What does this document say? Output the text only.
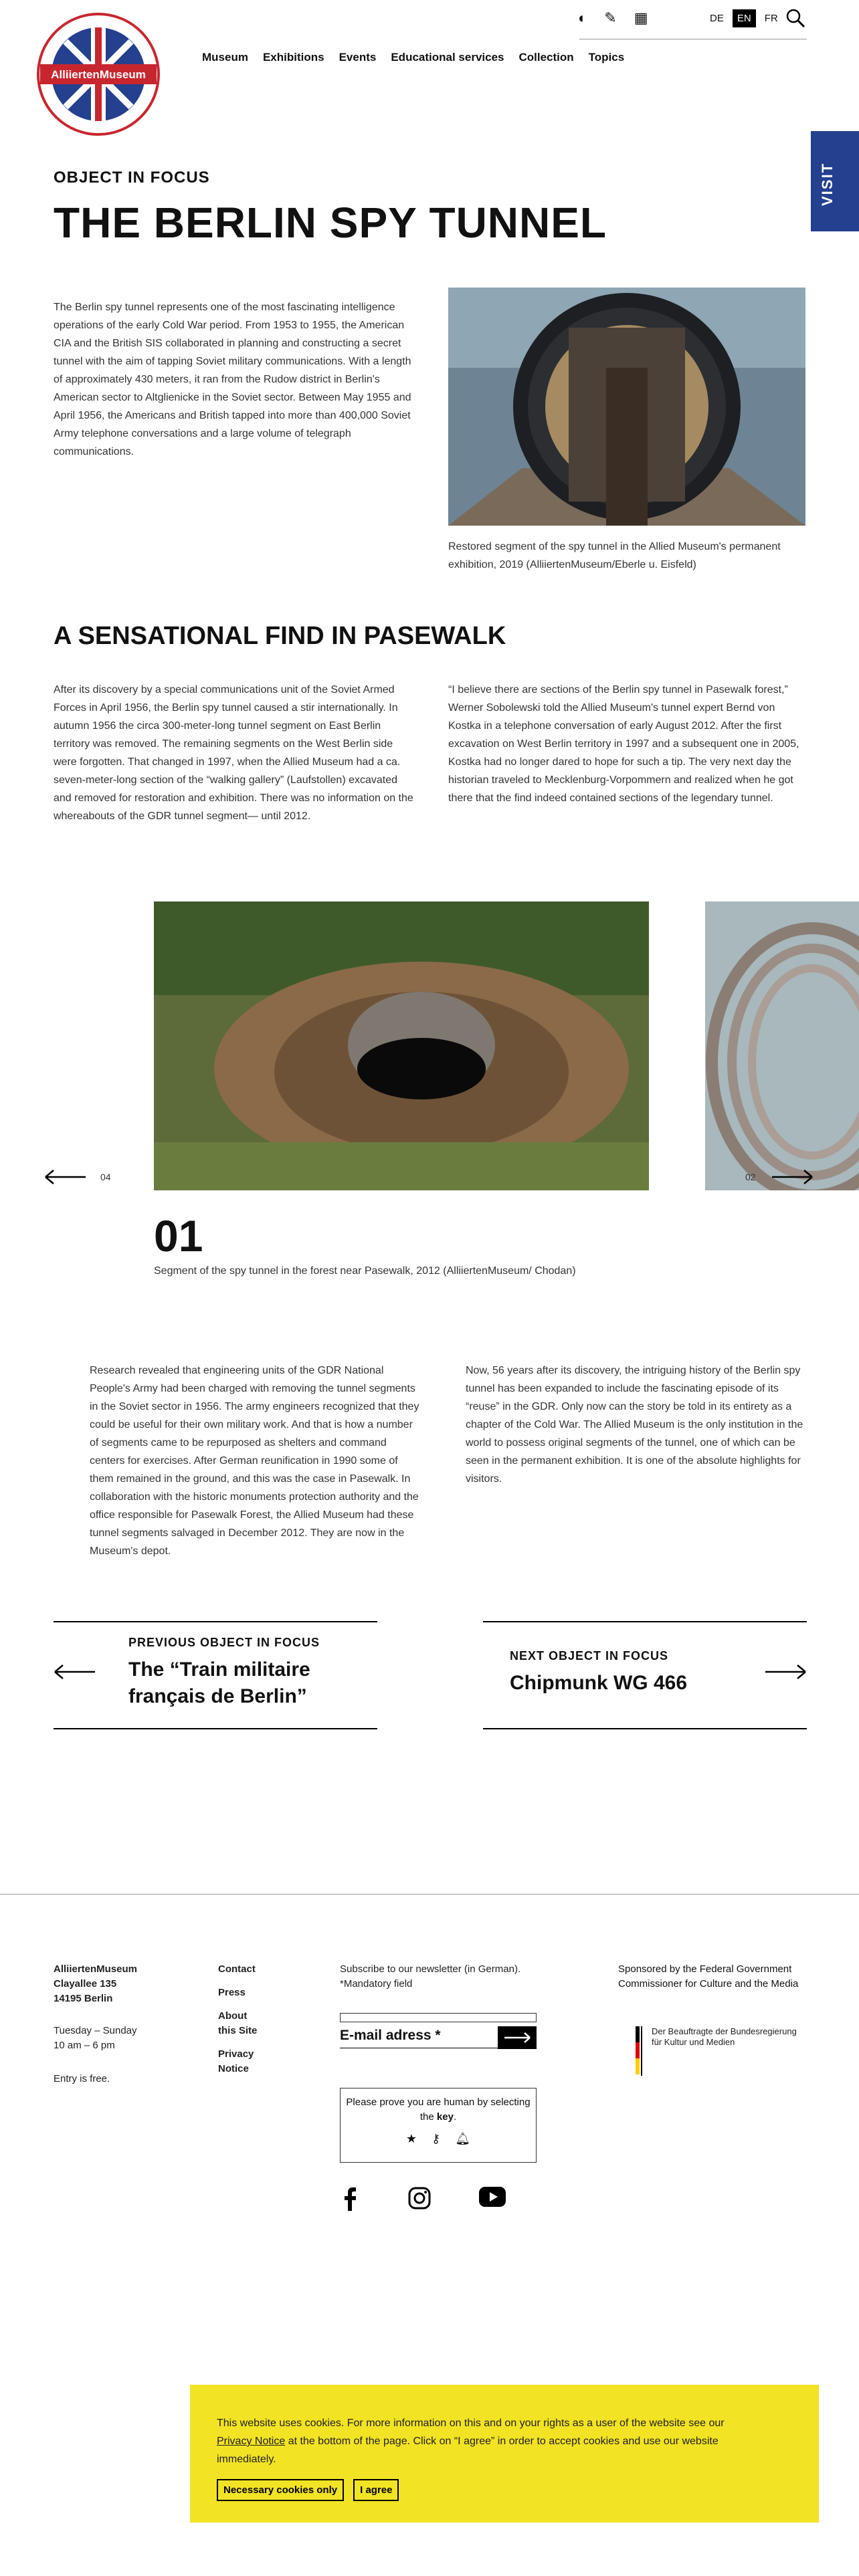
AlliiertenMuseum
◐ ✎ ▦	DE	EN	FR
Museum Exhibitions Events Educational services Collection Topics
VISIT
OBJECT IN FOCUS
THE BERLIN SPY TUNNEL

The Berlin spy tunnel represents one of the most fascinating intelligence operations of the early Cold War period. From 1953 to 1955, the American CIA and the British SIS collaborated in planning and constructing a secret tunnel with the aim of tapping Soviet military communications. With a length of approximately 430 meters, it ran from the Rudow district in Berlin's American sector to Altglienicke in the Soviet sector. Between May 1955 and April 1956, the Americans and British tapped into more than 400,000 Soviet Army telephone conversations and a large volume of telegraph communications.

Restored segment of the spy tunnel in the Allied Museum's permanent exhibition, 2019 (AlliiertenMuseum/Eberle u. Eisfeld)

A SENSATIONAL FIND IN PASEWALK

After its discovery by a special communications unit of the Soviet Armed Forces in April 1956, the Berlin spy tunnel caused a stir internationally. In autumn 1956 the circa 300-meter-long tunnel segment on East Berlin territory was removed. The remaining segments on the West Berlin side were forgotten. That changed in 1997, when the Allied Museum had a ca. seven-meter-long section of the “walking gallery” (Laufstollen) excavated and removed for restoration and exhibition. There was no information on the whereabouts of the GDR tunnel segment— until 2012.

“I believe there are sections of the Berlin spy tunnel in Pasewalk forest,” Werner Sobolewski told the Allied Museum's tunnel expert Bernd von Kostka in a telephone conversation of early August 2012. After the first excavation on West Berlin territory in 1997 and a subsequent one in 2005, Kostka had no longer dared to hope for such a tip. The very next day the historian traveled to Mecklenburg-Vorpommern and realized when he got there that the find indeed contained sections of the legendary tunnel.

04	02
01
Segment of the spy tunnel in the forest near Pasewalk, 2012 (AlliiertenMuseum/ Chodan)

Research revealed that engineering units of the GDR National People's Army had been charged with removing the tunnel segments in the Soviet sector in 1956. The army engineers recognized that they could be useful for their own military work. And that is how a number of segments came to be repurposed as shelters and command centers for exercises. After German reunification in 1990 some of them remained in the ground, and this was the case in Pasewalk. In collaboration with the historic monuments protection authority and the office responsible for Pasewalk Forest, the Allied Museum had these tunnel segments salvaged in December 2012. They are now in the Museum's depot.

Now, 56 years after its discovery, the intriguing history of the Berlin spy tunnel has been expanded to include the fascinating episode of its “reuse” in the GDR. Only now can the story be told in its entirety as a chapter of the Cold War. The Allied Museum is the only institution in the world to possess original segments of the tunnel, one of which can be seen in the permanent exhibition. It is one of the absolute highlights for visitors.

PREVIOUS OBJECT IN FOCUS
The “Train militaire français de Berlin”
NEXT OBJECT IN FOCUS
Chipmunk WG 466
AlliiertenMuseum
Clayallee 135
14195 Berlin
Tuesday – Sunday
10 am – 6 pm
Entry is free.
Contact
Press
About this Site
Privacy Notice
Subscribe to our newsletter (in German).
*Mandatory field
E-mail adress *
Please prove you are human by selecting the key.
★ ⚷ 🔔︎
Sponsored by the Federal Government Commissioner for Culture and the Media
Der Beauftragte der Bundesregierung für Kultur und Medien

This website uses cookies. For more information on this and on your rights as a user of the website see our Privacy Notice at the bottom of the page. Click on “I agree” in order to accept cookies and use our website immediately.

Necessary cookies only	I agree
